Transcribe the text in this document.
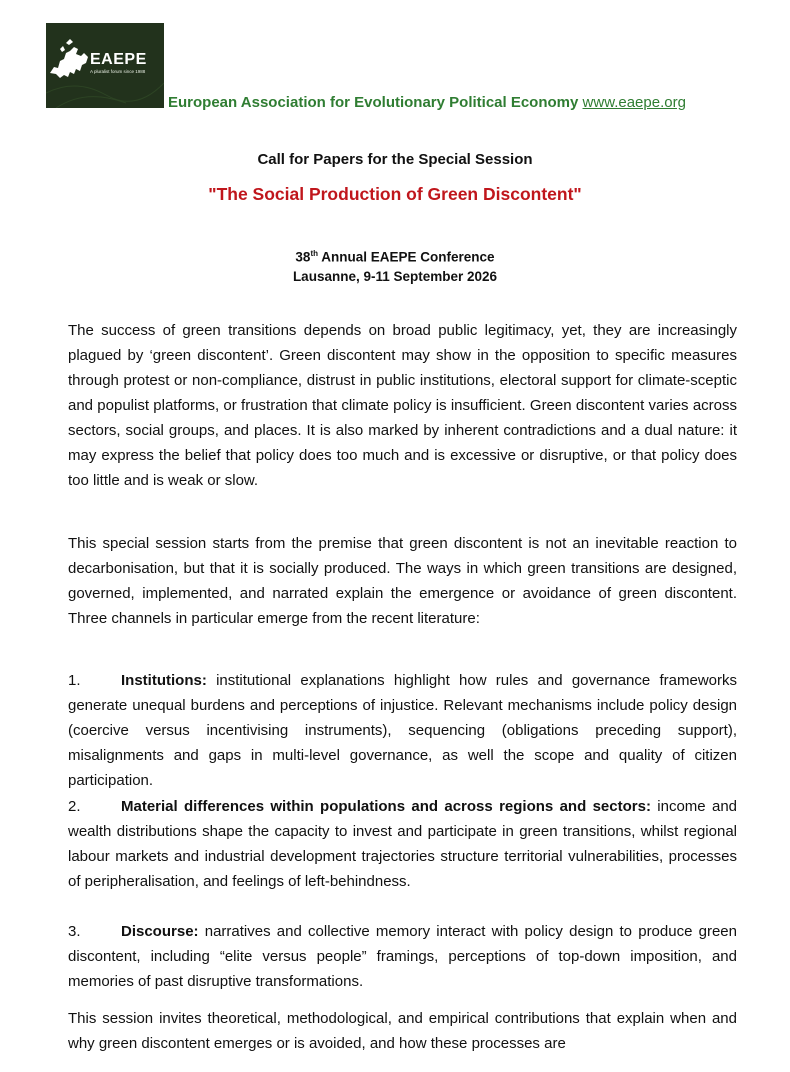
EAEPE
A pluralist forum since 1988
European Association for Evolutionary Political Economy www.eaepe.org
Call for Papers for the Special Session
"The Social Production of Green Discontent"
38th Annual EAEPE Conference
Lausanne, 9-11 September 2026
The success of green transitions depends on broad public legitimacy, yet, they are increasingly plagued by ‘green discontent’. Green discontent may show in the opposition to specific measures through protest or non-compliance, distrust in public institutions, electoral support for climate-sceptic and populist platforms, or frustration that climate policy is insufficient. Green discontent varies across sectors, social groups, and places. It is also marked by inherent contradictions and a dual nature: it may express the belief that policy does too much and is excessive or disruptive, or that policy does too little and is weak or slow.
This special session starts from the premise that green discontent is not an inevitable reaction to decarbonisation, but that it is socially produced. The ways in which green transitions are designed, governed, implemented, and narrated explain the emergence or avoidance of green discontent. Three channels in particular emerge from the recent literature:
1.	Institutions: institutional explanations highlight how rules and governance frameworks generate unequal burdens and perceptions of injustice. Relevant mechanisms include policy design (coercive versus incentivising instruments), sequencing (obligations preceding support), misalignments and gaps in multi-level governance, as well the scope and quality of citizen participation.
2.	Material differences within populations and across regions and sectors: income and wealth distributions shape the capacity to invest and participate in green transitions, whilst regional labour markets and industrial development trajectories structure territorial vulnerabilities, processes of peripheralisation, and feelings of left-behindness.
3.	Discourse: narratives and collective memory interact with policy design to produce green discontent, including “elite versus people” framings, perceptions of top-down imposition, and memories of past disruptive transformations.
This session invites theoretical, methodological, and empirical contributions that explain when and why green discontent emerges or is avoided, and how these processes are
